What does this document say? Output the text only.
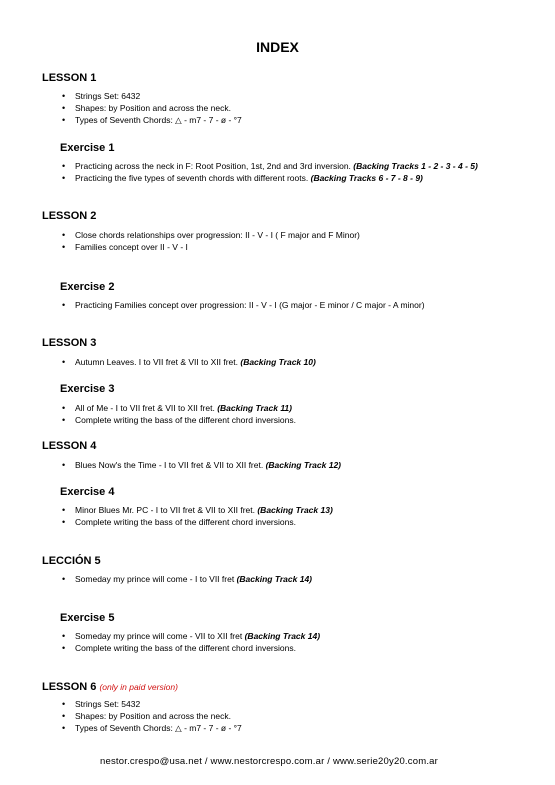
INDEX
LESSON 1
• Strings Set: 6432
• Shapes: by Position and across the neck.
• Types of Seventh Chords: △ - m7 - 7 - ø - °7
Exercise 1
• Practicing across the neck in F: Root Position, 1st, 2nd and 3rd inversion. (Backing Tracks 1 - 2 - 3 - 4 - 5)
• Practicing the five types of seventh chords with different roots. (Backing Tracks 6 - 7 - 8 - 9)
LESSON 2
• Close chords relationships over progression: II - V - I ( F major and F Minor)
• Families concept over II - V - I
Exercise 2
• Practicing Families concept over progression: II - V - I (G major - E minor / C major - A minor)
LESSON 3
• Autumn Leaves. I to VII fret & VII to XII fret. (Backing Track 10)
Exercise 3
• All of Me - I to VII fret & VII to XII fret. (Backing Track 11)
• Complete writing the bass of the different chord inversions.
LESSON 4
• Blues Now's the Time - I to VII fret & VII to XII fret. (Backing Track 12)
Exercise 4
• Minor Blues Mr. PC - I to VII fret & VII to XII fret. (Backing Track 13)
• Complete writing the bass of the different chord inversions.
LECCIÓN 5
• Someday my prince will come - I to VII fret (Backing Track 14)
Exercise 5
• Someday my prince will come - VII to XII fret (Backing Track 14)
• Complete writing the bass of the different chord inversions.
LESSON 6 (only in paid version)
• Strings Set: 5432
• Shapes: by Position and across the neck.
• Types of Seventh Chords: △ - m7 - 7 - ø - °7
nestor.crespo@usa.net / www.nestorcrespo.com.ar / www.serie20y20.com.ar
